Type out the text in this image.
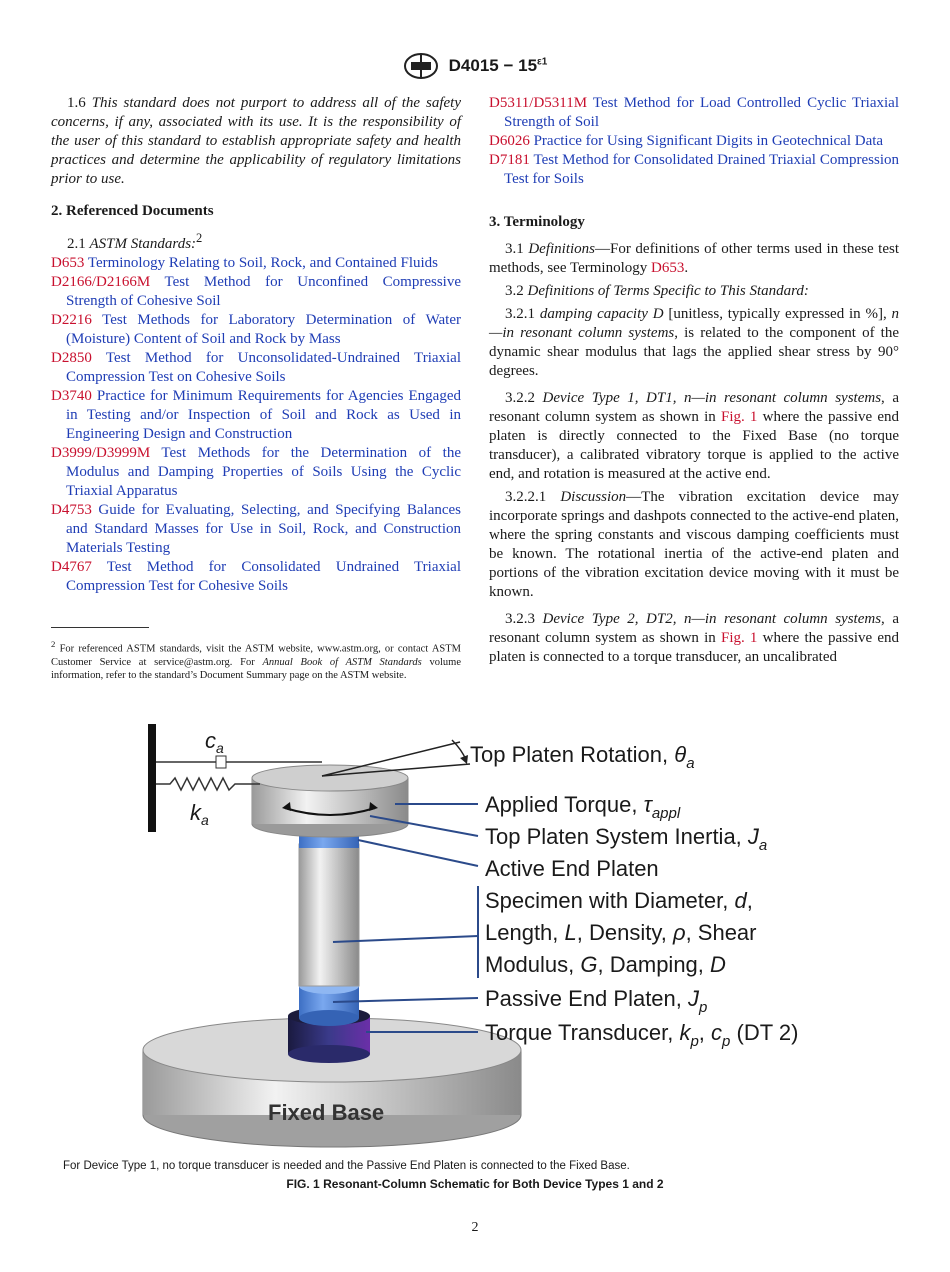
$D4015 - 15^{\varepsilon 1}$

1.6 This standard does not purport to address all of the safety concerns, if any, associated with its use. It is the responsibility of the user of this standard to establish appropriate safety and health practices and determine the applicability of regulatory limitations prior to use.

2. Referenced Documents

2.1 ASTM Standards:$^2$

D653 Terminology Relating to Soil, Rock, and Contained Fluids

D2166/D2166M Test Method for Unconfined Compressive Strength of Cohesive Soil

D2216 Test Methods for Laboratory Determination of Water (Moisture) Content of Soil and Rock by Mass

D2850 Test Method for Unconsolidated-Undrained Triaxial Compression Test on Cohesive Soils

D3740 Practice for Minimum Requirements for Agencies Engaged in Testing and/or Inspection of Soil and Rock as Used in Engineering Design and Construction

D3999/D3999M Test Methods for the Determination of the Modulus and Damping Properties of Soils Using the Cyclic Triaxial Apparatus

D4753 Guide for Evaluating, Selecting, and Specifying Balances and Standard Masses for Use in Soil, Rock, and Construction Materials Testing

D4767 Test Method for Consolidated Undrained Triaxial Compression Test for Cohesive Soils

$^2$ For referenced ASTM standards, visit the ASTM website, www.astm.org, or contact ASTM Customer Service at service@astm.org. For Annual Book of ASTM Standards volume information, refer to the standard’s Document Summary page on the ASTM website.

D5311/D5311M Test Method for Load Controlled Cyclic Triaxial Strength of Soil

D6026 Practice for Using Significant Digits in Geotechnical Data

D7181 Test Method for Consolidated Drained Triaxial Compression Test for Soils

3. Terminology

3.1 Definitions—For definitions of other terms used in these test methods, see Terminology D653.

3.2 Definitions of Terms Specific to This Standard:

3.2.1 damping capacity D [unitless, typically expressed in %], n—in resonant column systems, is related to the component of the dynamic shear modulus that lags the applied shear stress by 90° degrees.

3.2.2 Device Type 1, DT1, n—in resonant column systems, a resonant column system as shown in Fig. 1 where the passive end platen is directly connected to the Fixed Base (no torque transducer), a calibrated vibratory torque is applied to the active end, and rotation is measured at the active end.

3.2.2.1 Discussion—The vibration excitation device may incorporate springs and dashpots connected to the active-end platen, where the spring constants and viscous damping coefficients must be known. The rotational inertia of the active-end platen and portions of the vibration excitation device moving with it must be known.

3.2.3 Device Type 2, DT2, n—in resonant column systems, a resonant column system as shown in Fig. 1 where the passive end platen is connected to a torque transducer, an uncalibrated

Fixed Base
$c_a$
$k_a$
Top Platen Rotation, $\theta_a$
Applied Torque, $\tau_{appl}$
Top Platen System Inertia, $J_a$
Active End Platen
Specimen with Diameter, d,
Length, L, Density, ρ, Shear
Modulus, G, Damping, D
Passive End Platen, $J_p$
Torque Transducer, $k_p$, $c_p$ (DT 2)
For Device Type 1, no torque transducer is needed and the Passive End Platen is connected to the Fixed Base.
FIG. 1 Resonant-Column Schematic for Both Device Types 1 and 2
2
